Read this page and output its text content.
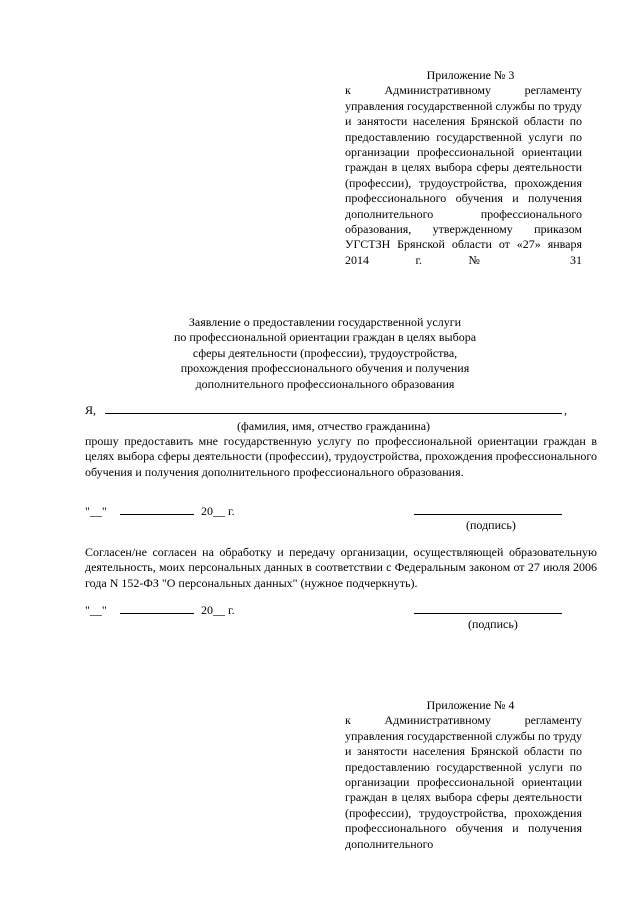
Приложение № 3
к Административному регламенту управления государственной службы по труду и занятости населения Брянской области по предоставлению государственной услуги по организации профессиональной ориентации граждан в целях выбора сферы деятельности (профессии), трудоустройства, прохождения профессионального обучения и получения дополнительного профессионального образования, утвержденному приказом УГСТЗН Брянской области от «27» января 2014 г. № 31
Заявление о предоставлении государственной услуги
по профессиональной ориентации граждан в целях выбора
сферы деятельности (профессии), трудоустройства,
прохождения профессионального обучения и получения
дополнительного профессионального образования
Я,	,
(фамилия, имя, отчество гражданина)
прошу предоставить мне государственную услугу по профессиональной ориентации граждан в целях выбора сферы деятельности (профессии), трудоустройства, прохождения профессионального обучения и получения дополнительного профессионального образования.
"__"	20__ г.
(подпись)
Согласен/не согласен на обработку и передачу организации, осуществляющей образовательную деятельность, моих персональных данных в соответствии с Федеральным законом от 27 июля 2006 года N 152-ФЗ "О персональных данных" (нужное подчеркнуть).
"__"	20__ г.
(подпись)
Приложение № 4
к Административному регламенту управления государственной службы по труду и занятости населения Брянской области по предоставлению государственной услуги по организации профессиональной ориентации граждан в целях выбора сферы деятельности (профессии), трудоустройства, прохождения профессионального обучения и получения дополнительного
